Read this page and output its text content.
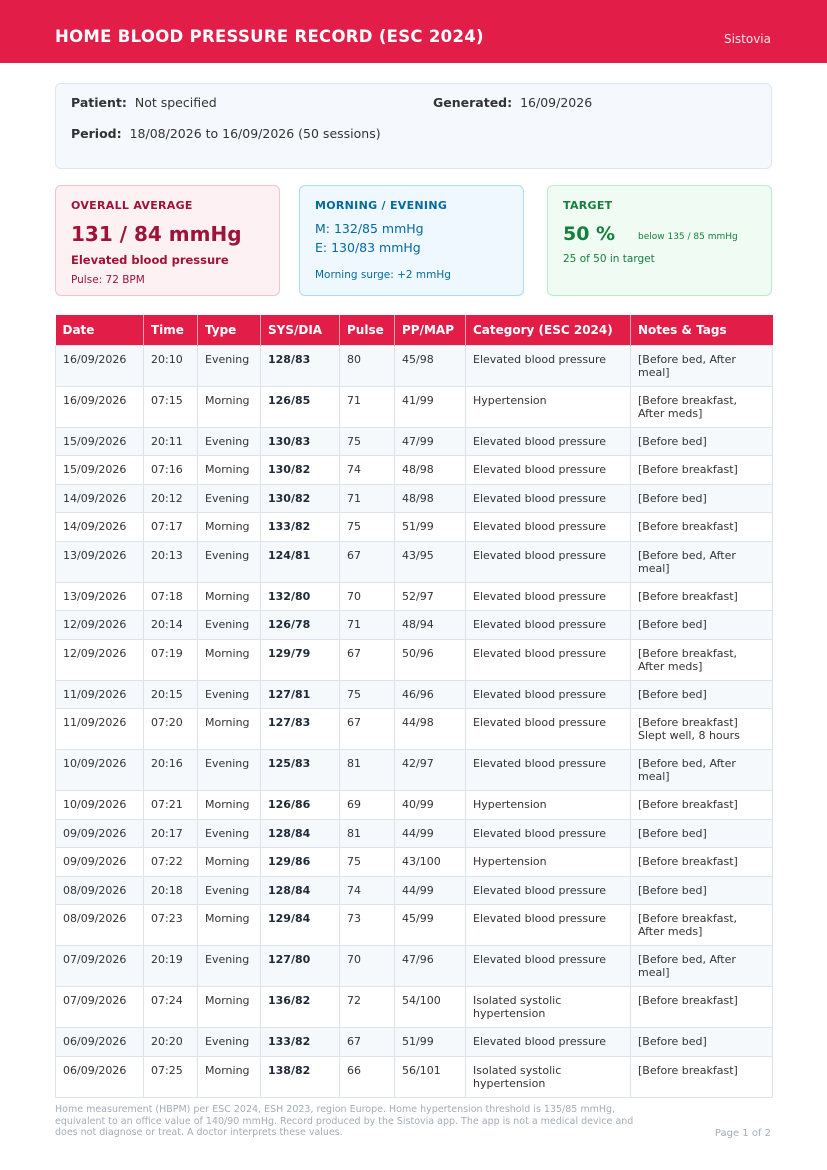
HOME BLOOD PRESSURE RECORD (ESC 2024)	Sistovia
Patient: Not specified	Generated: 16/09/2026
Period: 18/08/2026 to 16/09/2026 (50 sessions)
OVERALL AVERAGE
131 / 84 mmHg
Elevated blood pressure
Pulse: 72 BPM
MORNING / EVENING
M: 132/85 mmHg
E: 130/83 mmHg
Morning surge: +2 mmHg
TARGET
50 %	below 135 / 85 mmHg
25 of 50 in target
Date	Time	Type	SYS/DIA	Pulse	PP/MAP	Category (ESC 2024)	Notes & Tags
16/09/2026	20:10	Evening	128/83	80	45/98	Elevated blood pressure	[Before bed, After meal]
16/09/2026	07:15	Morning	126/85	71	41/99	Hypertension	[Before breakfast, After meds]
15/09/2026	20:11	Evening	130/83	75	47/99	Elevated blood pressure	[Before bed]
15/09/2026	07:16	Morning	130/82	74	48/98	Elevated blood pressure	[Before breakfast]
14/09/2026	20:12	Evening	130/82	71	48/98	Elevated blood pressure	[Before bed]
14/09/2026	07:17	Morning	133/82	75	51/99	Elevated blood pressure	[Before breakfast]
13/09/2026	20:13	Evening	124/81	67	43/95	Elevated blood pressure	[Before bed, After meal]
13/09/2026	07:18	Morning	132/80	70	52/97	Elevated blood pressure	[Before breakfast]
12/09/2026	20:14	Evening	126/78	71	48/94	Elevated blood pressure	[Before bed]
12/09/2026	07:19	Morning	129/79	67	50/96	Elevated blood pressure	[Before breakfast, After meds]
11/09/2026	20:15	Evening	127/81	75	46/96	Elevated blood pressure	[Before bed]
11/09/2026	07:20	Morning	127/83	67	44/98	Elevated blood pressure	[Before breakfast] Slept well, 8 hours
10/09/2026	20:16	Evening	125/83	81	42/97	Elevated blood pressure	[Before bed, After meal]
10/09/2026	07:21	Morning	126/86	69	40/99	Hypertension	[Before breakfast]
09/09/2026	20:17	Evening	128/84	81	44/99	Elevated blood pressure	[Before bed]
09/09/2026	07:22	Morning	129/86	75	43/100	Hypertension	[Before breakfast]
08/09/2026	20:18	Evening	128/84	74	44/99	Elevated blood pressure	[Before bed]
08/09/2026	07:23	Morning	129/84	73	45/99	Elevated blood pressure	[Before breakfast, After meds]
07/09/2026	20:19	Evening	127/80	70	47/96	Elevated blood pressure	[Before bed, After meal]
07/09/2026	07:24	Morning	136/82	72	54/100	Isolated systolic hypertension	[Before breakfast]
06/09/2026	20:20	Evening	133/82	67	51/99	Elevated blood pressure	[Before bed]
06/09/2026	07:25	Morning	138/82	66	56/101	Isolated systolic hypertension	[Before breakfast]
Home measurement (HBPM) per ESC 2024, ESH 2023, region Europe. Home hypertension threshold is 135/85 mmHg, equivalent to an office value of 140/90 mmHg. Record produced by the Sistovia app. The app is not a medical device and does not diagnose or treat. A doctor interprets these values.	Page 1 of 2
